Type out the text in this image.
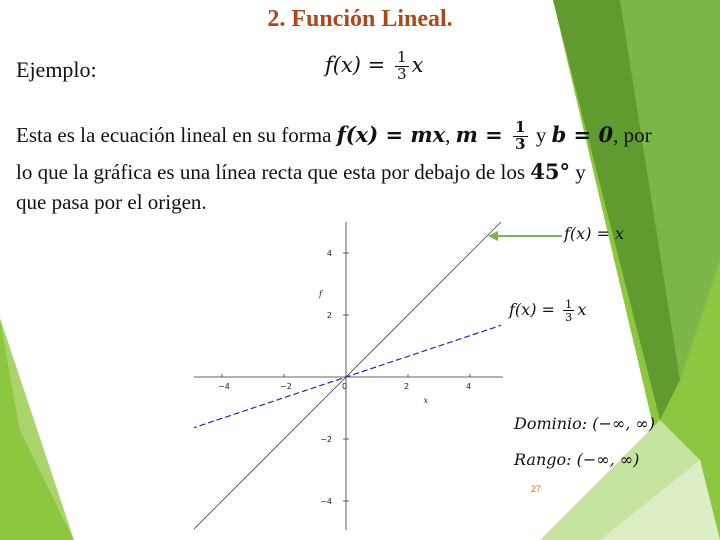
2. Función Lineal.
Ejemplo:	$f(x) = \frac{1}{3}$ x
Esta es la ecuación lineal en su forma f(x) = mx, $m = \frac{1}{3}$ y b = 0, por
lo que la gráfica es una línea recta que esta por debajo de los 45° y
que pasa por el origen.
−4	−2	0	2	4
4
2
−2
−4
x
f
f(x) = x
$f(x) = \frac{1}{3}$ x
Dominio: (−∞, ∞)
Rango: (−∞, ∞)
27
